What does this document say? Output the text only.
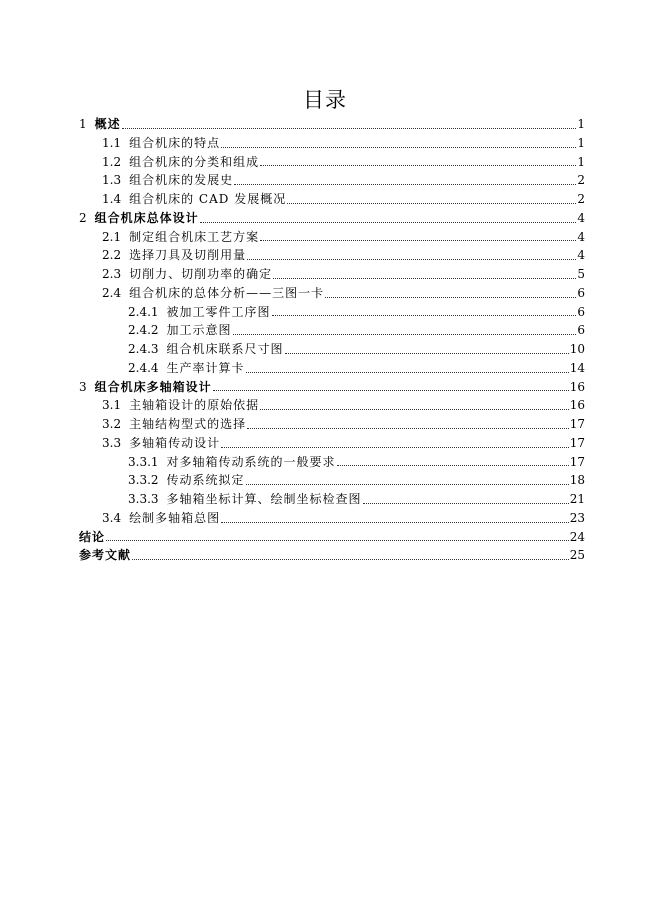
目录
1 概述	1
1.1 组合机床的特点	1
1.2 组合机床的分类和组成	1
1.3 组合机床的发展史	2
1.4 组合机床的 CAD 发展概况	2
2 组合机床总体设计	4
2.1 制定组合机床工艺方案	4
2.2 选择刀具及切削用量	4
2.3 切削力、切削功率的确定	5
2.4 组合机床的总体分析——三图一卡	6
2.4.1 被加工零件工序图	6
2.4.2 加工示意图	6
2.4.3 组合机床联系尺寸图	10
2.4.4 生产率计算卡	14
3 组合机床多轴箱设计	16
3.1 主轴箱设计的原始依据	16
3.2 主轴结构型式的选择	17
3.3 多轴箱传动设计	17
3.3.1 对多轴箱传动系统的一般要求	17
3.3.2 传动系统拟定	18
3.3.3 多轴箱坐标计算、绘制坐标检查图	21
3.4 绘制多轴箱总图	23
结论	24
参考文献	25
